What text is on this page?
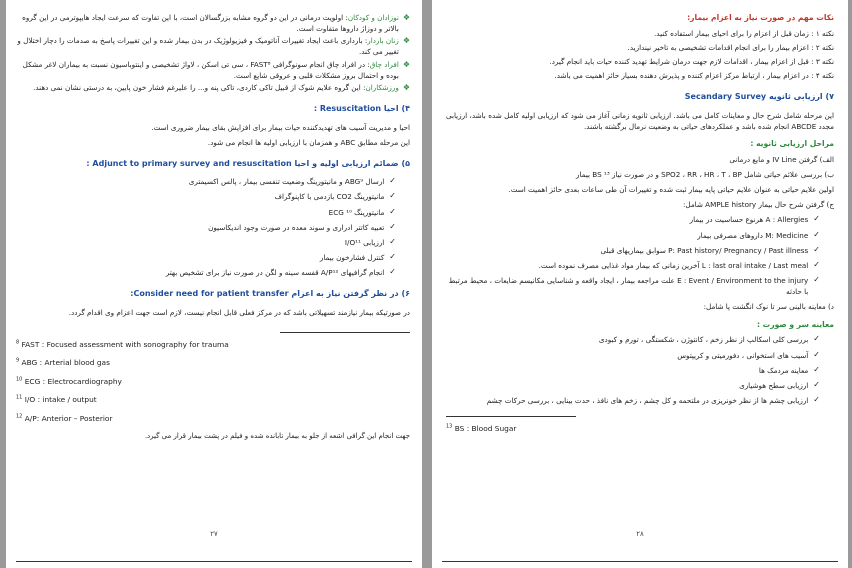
❖
نوزادان و کودکان: اولویت درمانی در این دو گروه مشابه بزرگسالان است، با این تفاوت که سرعت ایجاد هایپوترمی در این گروه بالاتر و دوزاژ داروها متفاوت است.
❖
زنان باردار: بارداری باعث ایجاد تغییرات آناتومیک و فیزیولوژیک در بدن بیمار شده و این تغییرات پاسخ به صدمات را دچار اختلال و تغییر می کند.
❖
افراد چاق: در افراد چاق انجام سونوگرافی FAST⁸ ، سی تی اسکن ، لاواژ تشخیصی و اینتوباسیون نسبت به بیماران لاغر مشکل بوده و احتمال بروز مشکلات قلبی و عروقی شایع است.
❖
ورزشکاران: این گروه علایم شوک از قبیل تاکی کاردی، تاکی پنه و... را علیرغم فشار خون پایین، به درستی نشان نمی دهند.
۴) احیا Resuscitation :
احیا و مدیریت آسیب های تهدیدکننده حیات بیمار برای افزایش بقای بیمار ضروری است.
این مرحله مطابق ABC و همزمان با ارزیابی اولیه ها انجام می شود.
۵) ضمائم ارزیابی اولیه و احیا Adjunct to primary survey and resuscitation :
✓
ارسال ABG⁹ و مانیتورینگ وضعیت تنفسی بیمار ، پالس اکسیمتری
✓
مانیتورینگ CO2 بازدمی با کاپنوگراف
✓
مانیتورینگ ECG ¹⁰
✓
تعبیه کاتتر ادراری و سوند معده در صورت وجود اندیکاسیون
✓
ارزیابی I/O¹¹
✓
کنترل فشارخون بیمار
✓
انجام گرافیهای A/P¹² قفسه سینه و لگن در صورت نیاز برای تشخیص بهتر
۶) در نظر گرفتن نیاز به اعزام Consider need for patient transfer:
در صورتیکه بیمار نیازمند تسهیلاتی باشد که در مرکز فعلی قابل انجام نیست، لازم است جهت اعزام وی اقدام گردد.
$^8$ FAST : Focused assessment with sonography for trauma
$^9$ ABG : Arterial blood gas
$^{10}$ ECG : Electrocardiography
$^{11}$ I/O : intake / output
$^{12}$ A/P: Anterior – Posterior
جهت انجام این گرافی اشعه از جلو به بیمار تابانده شده و فیلم در پشت بیمار قرار می گیرد.
۲۷
نکات مهم در صورت نیاز به اعزام بیمار:
نکته ۱ : زمان قبل از اعزام را برای احیای بیمار استفاده کنید.
نکته ۲ : اعزام بیمار را برای انجام اقدامات تشخیصی به تاخیر نیندازید.
نکته ۳ : قبل از اعزام بیمار ، اقدامات لازم جهت درمان شرایط تهدید کننده حیات باید انجام گیرد.
نکته ۴ : در اعزام بیمار ، ارتباط مرکز اعزام کننده و پذیرش دهنده بسیار حائز اهمیت می باشد.
۷) ارزیابی ثانویه Secandary Survey
این مرحله شامل شرح حال و معاینات کامل می باشد. ارزیابی ثانویه زمانی آغاز می شود که ارزیابی اولیه کامل شده باشد، ارزیابی مجدد ABCDE انجام شده باشد و عملکردهای حیاتی به وضعیت نرمال برگشته باشند.
مراحل ارزیابی ثانویه :
الف) گرفتن IV Line و مایع درمانی
ب) بررسی علائم حیاتی شامل SPO2 ، RR ، HR ، T ، BP و در صورت نیاز BS ¹³ بیمار
اولین علایم حیاتی به عنوان علایم حیاتی پایه بیمار ثبت شده و تغییرات آن طی ساعات بعدی حائز اهمیت است.
ج) گرفتن شرح حال بیمار AMPLE history شامل:
✓
A : Allergies هرنوع حساسیت در بیمار
✓
M: Medicine داروهای مصرفی بیمار
✓
P: Past history/ Pregnancy / Past illness سوابق بیماریهای قبلی
✓
L : last oral intake / Last meal آخرین زمانی که بیمار مواد غذایی مصرف نموده است.
✓
E : Event / Environment to the injury علت مراجعه بیمار ، ایجاد واقعه و شناسایی مکانیسم ضایعات ، محیط مرتبط با حادثه
د) معاینه بالینی سر تا نوک انگشت پا شامل:
معاینه سر و صورت :
✓
بررسی کلی اسکالپ از نظر زخم ، کانتوژن ، شکستگی ، تورم و کبودی
✓
آسیب های استخوانی ، دفورمیتی و کریپتوس
✓
معاینه مردمک ها
✓
ارزیابی سطح هوشیاری
✓
ارزیابی چشم ها از نظر خونریزی در ملتحمه و کل چشم ، زخم های نافذ ، حدت بینایی ، بررسی حرکات چشم
$^{13}$ BS : Blood Sugar
۲۸
